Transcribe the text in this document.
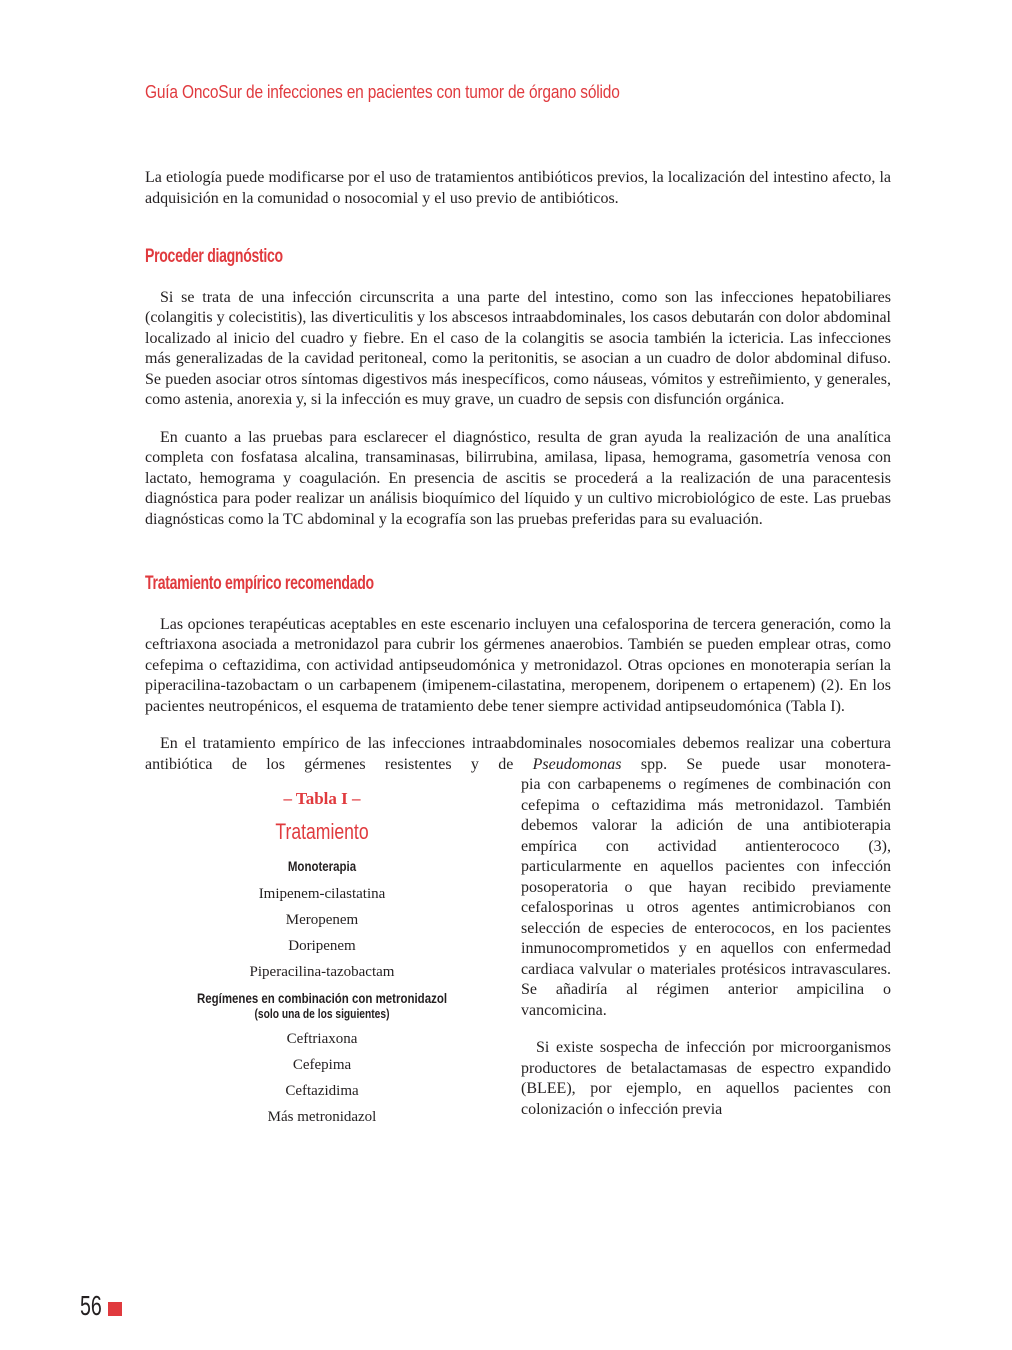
Guía OncoSur de infecciones en pacientes con tumor de órgano sólido

La etiología puede modificarse por el uso de tratamientos antibióticos previos, la localización del intestino afecto, la adquisición en la comunidad o nosocomial y el uso previo de antibióticos.

Proceder diagnóstico

Si se trata de una infección circunscrita a una parte del intestino, como son las infecciones hepatobiliares (colangitis y colecistitis), las diverticulitis y los abscesos intraabdominales, los casos debutarán con dolor abdominal localizado al inicio del cuadro y fiebre. En el caso de la colangitis se asocia también la ictericia. Las infecciones más generalizadas de la cavidad peritoneal, como la peritonitis, se asocian a un cuadro de dolor abdominal difuso. Se pueden asociar otros síntomas digestivos más inespecíficos, como náuseas, vómitos y estreñimiento, y generales, como astenia, anorexia y, si la infección es muy grave, un cuadro de sepsis con disfunción orgánica.

En cuanto a las pruebas para esclarecer el diagnóstico, resulta de gran ayuda la realización de una analítica completa con fosfatasa alcalina, transaminasas, bilirrubina, amilasa, lipasa, hemograma, gasometría venosa con lactato, hemograma y coagulación. En presencia de ascitis se procederá a la realización de una paracentesis diagnóstica para poder realizar un análisis bioquímico del líquido y un cultivo microbiológico de este. Las pruebas diagnósticas como la TC abdominal y la ecografía son las pruebas preferidas para su evaluación.

Tratamiento empírico recomendado

Las opciones terapéuticas aceptables en este escenario incluyen una cefalosporina de tercera generación, como la ceftriaxona asociada a metronidazol para cubrir los gérmenes anaerobios. También se pueden emplear otras, como cefepima o ceftazidima, con actividad antipseudomónica y metronidazol. Otras opciones en monoterapia serían la piperacilina-tazobactam o un carbapenem (imipenem-cilastatina, meropenem, doripenem o ertapenem) (2). En los pacientes neutropénicos, el esquema de tratamiento debe tener siempre actividad antipseudomónica (Tabla I).

En el tratamiento empírico de las infecciones intraabdominales nosocomiales debemos realizar una cobertura antibiótica de los gérmenes resistentes y de Pseudomonas spp. Se puede usar monotera-

– Tabla I –
Tratamiento
Monoterapia
Imipenem-cilastatina
Meropenem
Doripenem
Piperacilina-tazobactam
Regímenes en combinación con metronidazol
(solo una de los siguientes)
Ceftriaxona
Cefepima
Ceftazidima
Más metronidazol

pia con carbapenems o regímenes de combinación con cefepima o ceftazidima más metronidazol. También debemos valorar la adición de una antibioterapia empírica con actividad antienterococo (3), particularmente en aquellos pacientes con infección posoperatoria o que hayan recibido previamente cefalosporinas u otros agentes antimicrobianos con selección de especies de enterococos, en los pacientes inmunocomprometidos y en aquellos con enfermedad cardiaca valvular o materiales protésicos intravasculares. Se añadiría al régimen anterior ampicilina o vancomicina.

Si existe sospecha de infección por microorganismos productores de betalactamasas de espectro expandido (BLEE), por ejemplo, en aquellos pacientes con colonización o infección previa

56
